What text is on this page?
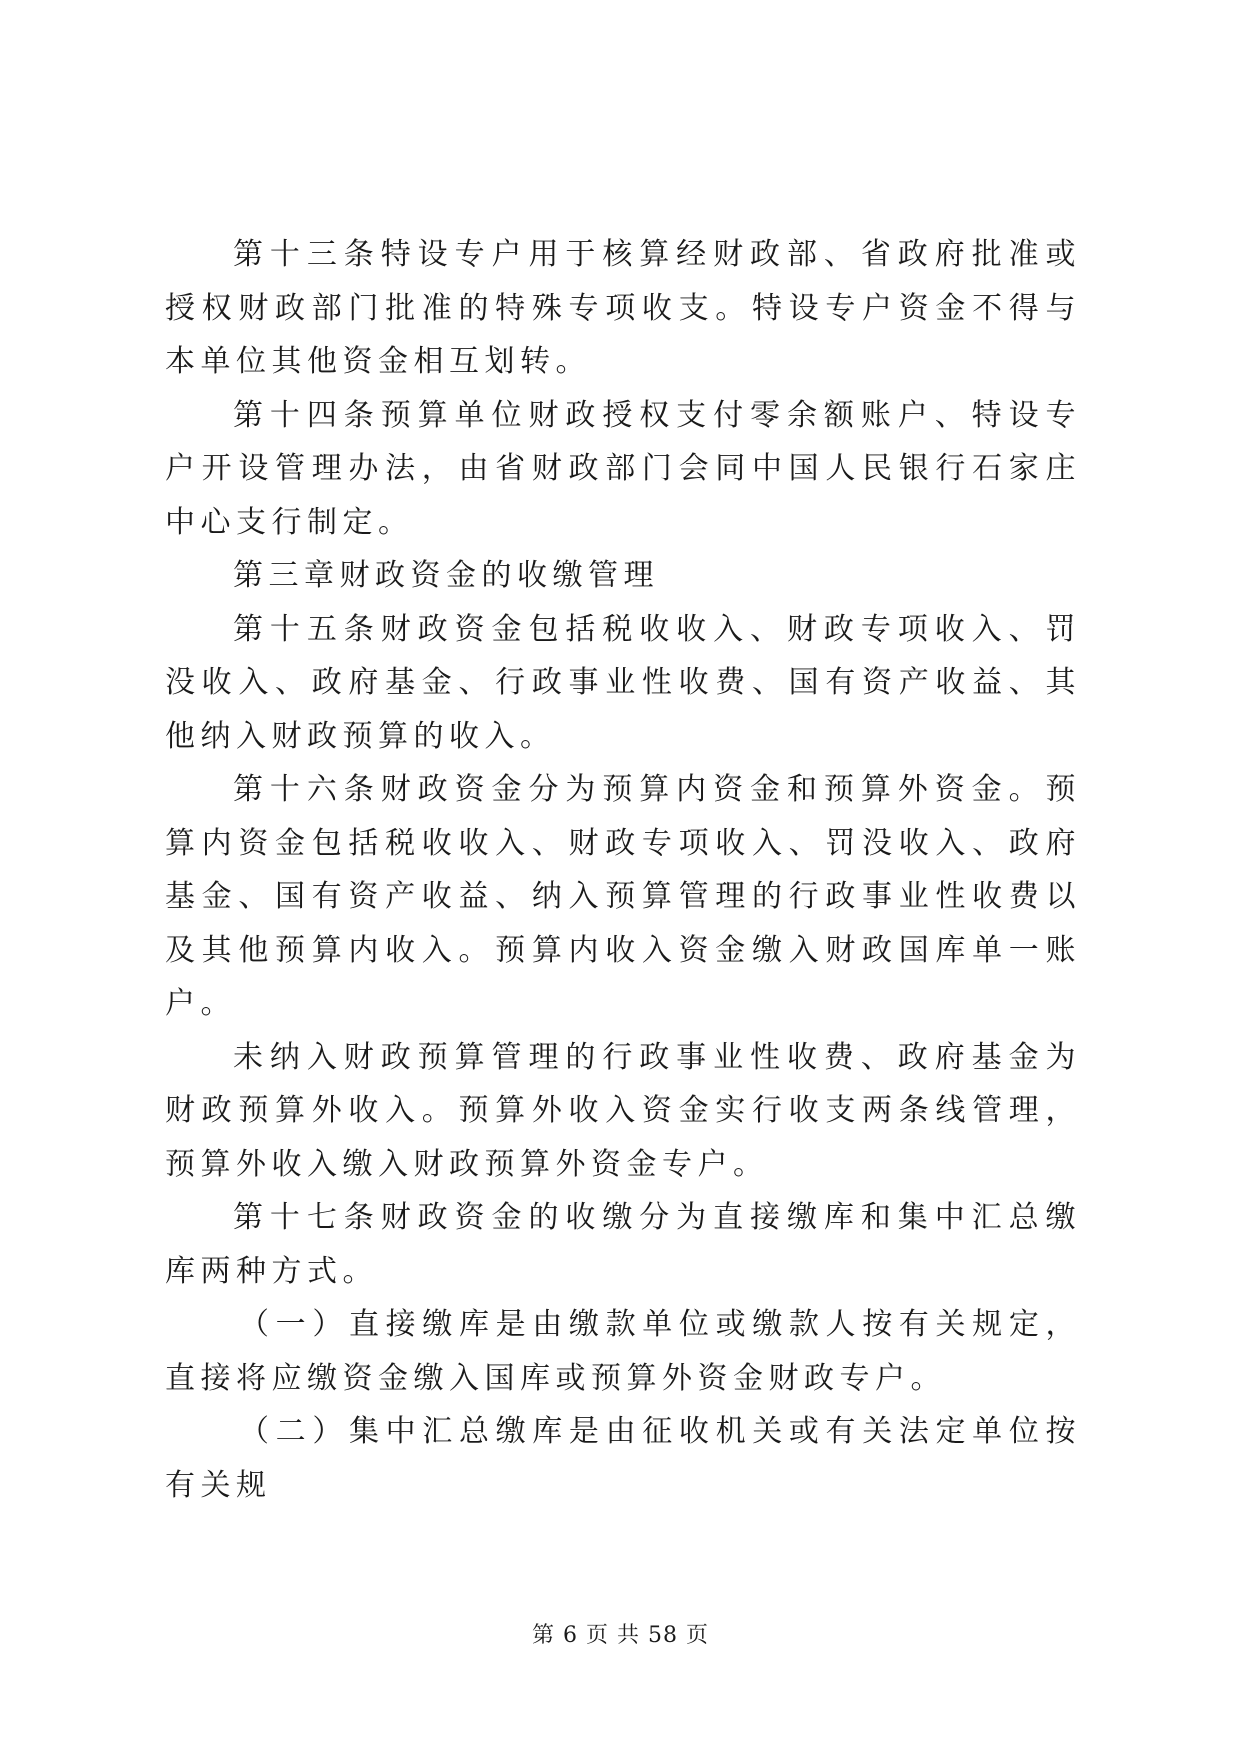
第十三条特设专户用于核算经财政部、省政府批准或授权财政部门批准的特殊专项收支。特设专户资金不得与本单位其他资金相互划转。

第十四条预算单位财政授权支付零余额账户、特设专户开设管理办法，由省财政部门会同中国人民银行石家庄中心支行制定。

第三章财政资金的收缴管理

第十五条财政资金包括税收收入、财政专项收入、罚没收入、政府基金、行政事业性收费、国有资产收益、其他纳入财政预算的收入。

第十六条财政资金分为预算内资金和预算外资金。预算内资金包括税收收入、财政专项收入、罚没收入、政府基金、国有资产收益、纳入预算管理的行政事业性收费以及其他预算内收入。预算内收入资金缴入财政国库单一账户。

未纳入财政预算管理的行政事业性收费、政府基金为财政预算外收入。预算外收入资金实行收支两条线管理，预算外收入缴入财政预算外资金专户。

第十七条财政资金的收缴分为直接缴库和集中汇总缴库两种方式。

（一）直接缴库是由缴款单位或缴款人按有关规定，直接将应缴资金缴入国库或预算外资金财政专户。

（二）集中汇总缴库是由征收机关或有关法定单位按有关规

第 6 页 共 58 页
